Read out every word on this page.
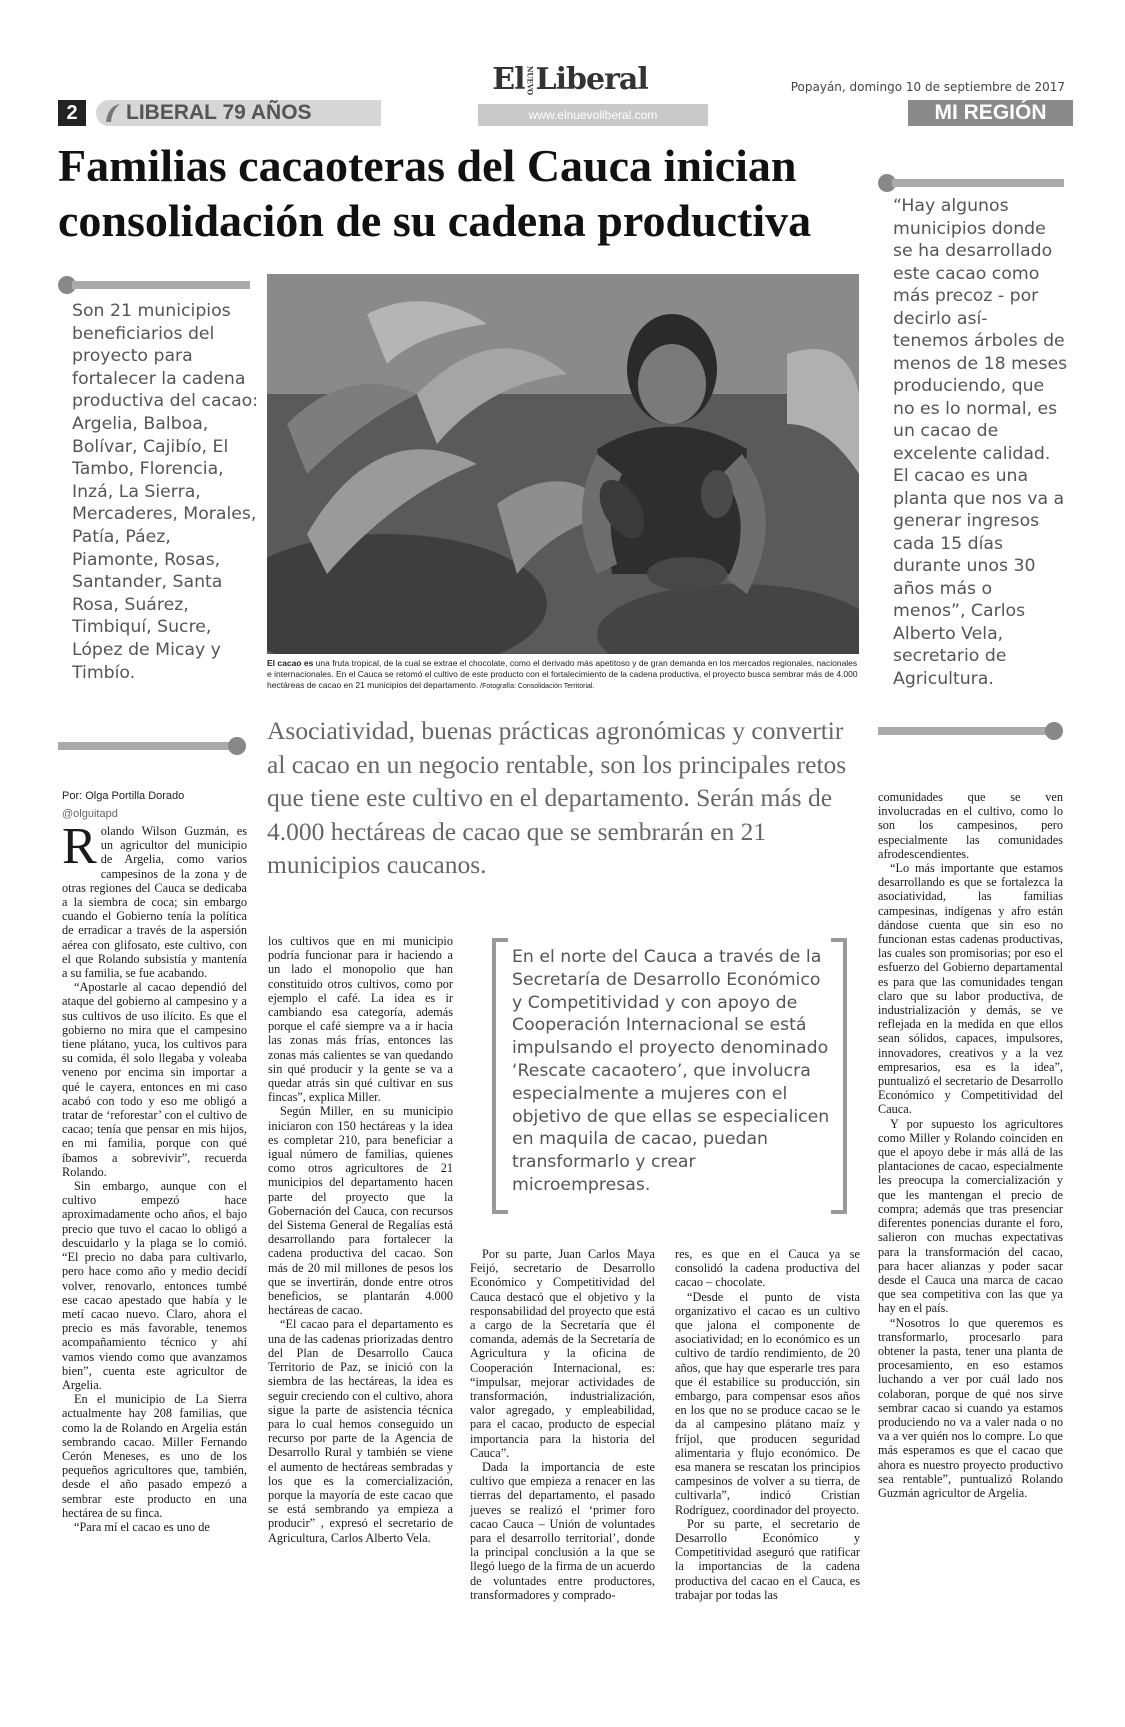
ElNUEVOLiberal	Popayán, domingo 10 de septiembre de 2017
2	LIBERAL 79 AÑOS	www.elnuevoliberal.com	MI REGIÓN
Familias cacaoteras del Cauca inician consolidación de su cadena productiva
Son 21 municipios beneficiarios del proyecto para fortalecer la cadena productiva del cacao: Argelia, Balboa, Bolívar, Cajibío, El Tambo, Florencia, Inzá, La Sierra, Mercaderes, Morales, Patía, Páez, Piamonte, Rosas, Santander, Santa Rosa, Suárez, Timbiquí, Sucre, López de Micay y Timbío.
“Hay algunos municipios donde se ha desarrollado este cacao como más precoz - por decirlo así- tenemos árboles de menos de 18 meses produciendo, que no es lo normal, es un cacao de excelente calidad. El cacao es una planta que nos va a generar ingresos cada 15 días durante unos 30 años más o menos”, Carlos Alberto Vela, secretario de Agricultura.
El cacao es una fruta tropical, de la cual se extrae el chocolate, como el derivado más apetitoso y de gran demanda en los mercados regionales, nacionales e internacionales. En el Cauca se retomó el cultivo de este producto con el fortalecimiento de la cadena productiva, el proyecto busca sembrar más de 4.000 hectáreas de cacao en 21 municipios del departamento. /Fotografía: Consolidación Territorial.
Asociatividad, buenas prácticas agronómicas y convertir al cacao en un negocio rentable, son los principales retos que tiene este cultivo en el departamento. Serán más de 4.000 hectáreas de cacao que se sembrarán en 21 municipios caucanos.
Por: Olga Portilla Dorado
@olguitapd
En el norte del Cauca a través de la Secretaría de Desarrollo Económico y Competitividad y con apoyo de Cooperación Internacional se está impulsando el proyecto denominado ‘Rescate cacaotero’, que involucra especialmente a mujeres con el objetivo de que ellas se especialicen en maquila de cacao, puedan transformarlo y crear microempresas.
R olando Wilson Guzmán, es un agricultor del municipio de Argelia, como varios campesinos de la zona y de otras regiones del Cauca se dedicaba a la siembra de coca; sin embargo cuando el Gobierno tenía la política de erradicar a través de la aspersión aérea con glifosato, este cultivo, con el que Rolando subsistía y mantenía a su familia, se fue acabando.

“Apostarle al cacao dependió del ataque del gobierno al campesino y a sus cultivos de uso ilícito. Es que el gobierno no mira que el campesino tiene plátano, yuca, los cultivos para su comida, él solo llegaba y voleaba veneno por encima sin importar a qué le cayera, entonces en mi caso acabó con todo y eso me obligó a tratar de ‘reforestar’ con el cultivo de cacao; tenía que pensar en mis hijos, en mi familia, porque con qué íbamos a sobrevivir”, recuerda Rolando.

Sin embargo, aunque con el cultivo empezó hace aproximadamente ocho años, el bajo precio que tuvo el cacao lo obligó a descuidarlo y la plaga se lo comió. “El precio no daba para cultivarlo, pero hace como año y medio decidí volver, renovarlo, entonces tumbé ese cacao apestado que había y le metí cacao nuevo. Claro, ahora el precio es más favorable, tenemos acompañamiento técnico y ahí vamos viendo como que avanzamos bien”, cuenta este agricultor de Argelia.

En el municipio de La Sierra actualmente hay 208 familias, que como la de Rolando en Argelia están sembrando cacao. Miller Fernando Cerón Meneses, es uno de los pequeños agricultores que, también, desde el año pasado empezó a sembrar este producto en una hectárea de su finca.

“Para mí el cacao es uno de

los cultivos que en mi municipio podría funcionar para ir haciendo a un lado el monopolio que han constituido otros cultivos, como por ejemplo el café. La idea es ir cambiando esa categoría, además porque el café siempre va a ir hacia las zonas más frías, entonces las zonas más calientes se van quedando sin qué producir y la gente se va a quedar atrás sin qué cultivar en sus fincas”, explica Miller.

Según Miller, en su municipio iniciaron con 150 hectáreas y la idea es completar 210, para beneficiar a igual número de familias, quienes como otros agricultores de 21 municipios del departamento hacen parte del proyecto que la Gobernación del Cauca, con recursos del Sistema General de Regalías está desarrollando para fortalecer la cadena productiva del cacao. Son más de 20 mil millones de pesos los que se invertirán, donde entre otros beneficios, se plantarán 4.000 hectáreas de cacao.

“El cacao para el departamento es una de las cadenas priorizadas dentro del Plan de Desarrollo Cauca Territorio de Paz, se inició con la siembra de las hectáreas, la idea es seguir creciendo con el cultivo, ahora sigue la parte de asistencia técnica para lo cual hemos conseguido un recurso por parte de la Agencia de Desarrollo Rural y también se viene el aumento de hectáreas sembradas y los que es la comercialización, porque la mayoría de este cacao que se está sembrando ya empieza a producir” , expresó el secretario de Agricultura, Carlos Alberto Vela.

Por su parte, Juan Carlos Maya Feijó, secretario de Desarrollo Económico y Competitividad del Cauca destacó que el objetivo y la responsabilidad del proyecto que está a cargo de la Secretaría que él comanda, además de la Secretaría de Agricultura y la oficina de Cooperación Internacional, es: “impulsar, mejorar actividades de transformación, industrialización, valor agregado, y empleabilidad, para el cacao, producto de especial importancia para la historia del Cauca”.

Dada la importancia de este cultivo que empieza a renacer en las tierras del departamento, el pasado jueves se realizó el ‘primer foro cacao Cauca – Unión de voluntades para el desarrollo territorial’, donde la principal conclusión a la que se llegó luego de la firma de un acuerdo de voluntades entre productores, transformadores y comprado-

res, es que en el Cauca ya se consolidó la cadena productiva del cacao – chocolate.

“Desde el punto de vista organizativo el cacao es un cultivo que jalona el componente de asociatividad; en lo económico es un cultivo de tardío rendimiento, de 20 años, que hay que esperarle tres para que él estabilice su producción, sin embargo, para compensar esos años en los que no se produce cacao se le da al campesino plátano maíz y fríjol, que producen seguridad alimentaria y flujo económico. De esa manera se rescatan los principios campesinos de volver a su tierra, de cultivarla”, indicó Cristian Rodríguez, coordinador del proyecto.

Por su parte, el secretario de Desarrollo Económico y Competitividad aseguró que ratificar la importancias de la cadena productiva del cacao en el Cauca, es trabajar por todas las

comunidades que se ven involucradas en el cultivo, como lo son los campesinos, pero especialmente las comunidades afrodescendientes.

“Lo más importante que estamos desarrollando es que se fortalezca la asociatividad, las familias campesinas, indígenas y afro están dándose cuenta que sin eso no funcionan estas cadenas productivas, las cuales son promisorias; por eso el esfuerzo del Gobierno departamental es para que las comunidades tengan claro que su labor productiva, de industrialización y demás, se ve reflejada en la medida en que ellos sean sólidos, capaces, impulsores, innovadores, creativos y a la vez empresarios, esa es la idea”, puntualizó el secretario de Desarrollo Económico y Competitividad del Cauca.

Y por supuesto los agricultores como Miller y Rolando coinciden en que el apoyo debe ir más allá de las plantaciones de cacao, especialmente les preocupa la comercialización y que les mantengan el precio de compra; además que tras presenciar diferentes ponencias durante el foro, salieron con muchas expectativas para la transformación del cacao, para hacer alianzas y poder sacar desde el Cauca una marca de cacao que sea competitiva con las que ya hay en el país.

“Nosotros lo que queremos es transformarlo, procesarlo para obtener la pasta, tener una planta de procesamiento, en eso estamos luchando a ver por cuál lado nos colaboran, porque de qué nos sirve sembrar cacao si cuando ya estamos produciendo no va a valer nada o no va a ver quién nos lo compre. Lo que más esperamos es que el cacao que ahora es nuestro proyecto productivo sea rentable”, puntualizó Rolando Guzmán agricultor de Argelia.
